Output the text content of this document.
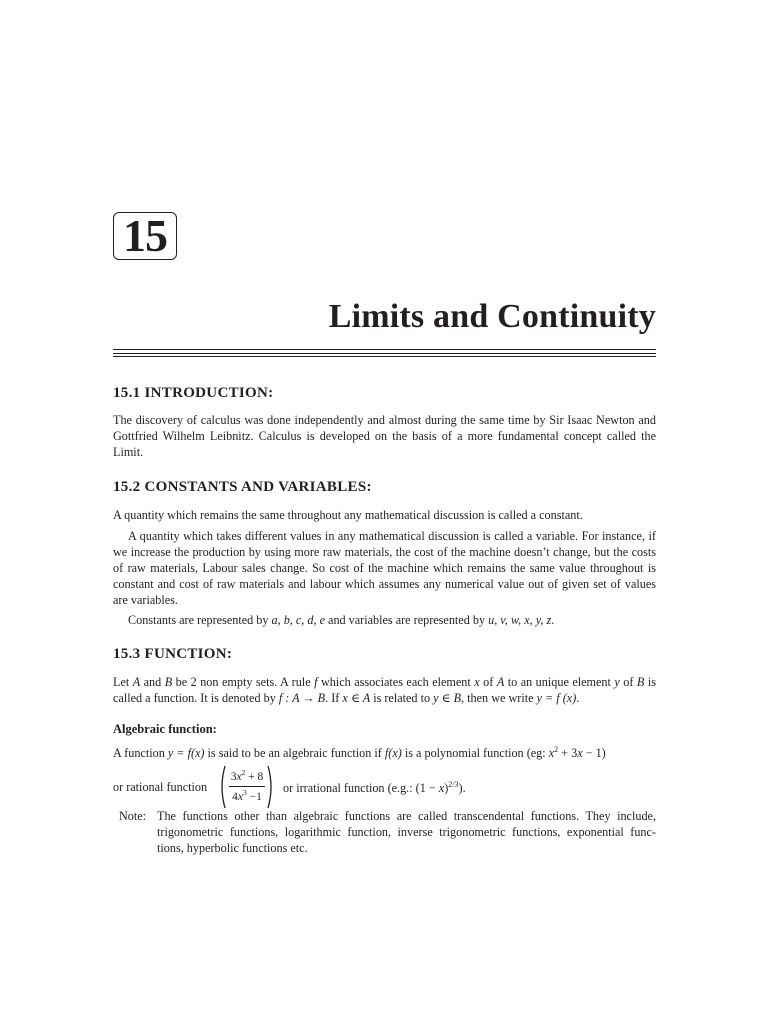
15
Limits and Continuity
15.1 INTRODUCTION:
The discovery of calculus was done independently and almost during the same time by Sir Isaac Newton and Gottfried Wilhelm Leibnitz. Calculus is developed on the basis of a more fundamental concept called the Limit.
15.2 CONSTANTS AND VARIABLES:
A quantity which remains the same throughout any mathematical discussion is called a constant.
A quantity which takes different values in any mathematical discussion is called a variable. For instance, if we increase the production by using more raw materials, the cost of the machine doesn’t change, but the costs of raw materials, Labour sales change. So cost of the machine which remains the same value throughout is constant and cost of raw materials and labour which assumes any numerical value out of given set of values are variables.
Constants are represented by a, b, c, d, e and variables are represented by u, v, w, x, y, z.
15.3 FUNCTION:
Let A and B be 2 non empty sets. A rule f which associates each element x of A to an unique element y of B is called a function. It is denoted by f : A → B. If x ∈ A is related to y ∈ B, then we write y = f (x).
Algebraic function:
A function y = f(x) is said to be an algebraic function if f(x) is a polynomial function (eg: $x^2 + 3x - 1$)
or rational function
$3x^2 + 8$
$4x^3 -1$
or irrational function (e.g.: $(1 - x)^{2/3}$).
Note: The functions other than algebraic functions are called transcendental functions. They include, trigonometric functions, logarithmic function, inverse trigonometric functions, exponential func- tions, hyperbolic functions etc.
